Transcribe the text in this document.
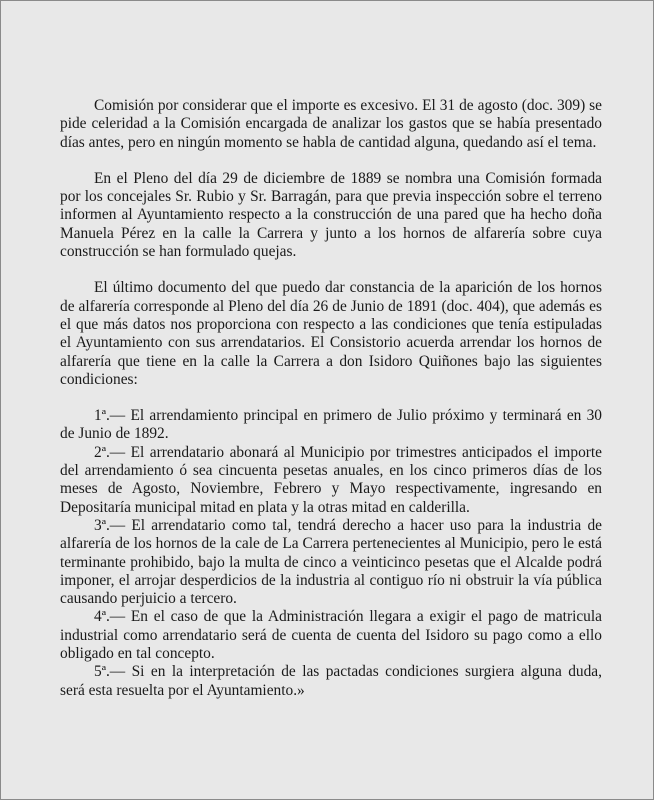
Comisión por considerar que el importe es excesivo. El 31 de agosto (doc. 309) se pide celeridad a la Comisión encargada de analizar los gastos que se había presentado días antes, pero en ningún momento se habla de cantidad alguna, quedando así el tema.

En el Pleno del día 29 de diciembre de 1889 se nombra una Comisión formada por los concejales Sr. Rubio y Sr. Barragán, para que previa inspección sobre el terreno informen al Ayuntamiento respecto a la construcción de una pared que ha hecho doña Manuela Pérez en la calle la Carrera y junto a los hornos de alfarería sobre cuya construcción se han formulado quejas.

El último documento del que puedo dar constancia de la aparición de los hornos de alfarería corresponde al Pleno del día 26 de Junio de 1891 (doc. 404), que además es el que más datos nos proporciona con respecto a las condiciones que tenía estipuladas el Ayuntamiento con sus arrendatarios. El Consistorio acuerda arrendar los hornos de alfarería que tiene en la calle la Carrera a don Isidoro Quiñones bajo las siguientes condiciones:

1ª.— El arrendamiento principal en primero de Julio próximo y terminará en 30 de Junio de 1892.

2ª.— El arrendatario abonará al Municipio por trimestres anticipados el importe del arrendamiento ó sea cincuenta pesetas anuales, en los cinco primeros días de los meses de Agosto, Noviembre, Febrero y Mayo respectivamente, ingresando en Depositaría municipal mitad en plata y la otras mitad en calderilla.

3ª.— El arrendatario como tal, tendrá derecho a hacer uso para la industria de alfarería de los hornos de la cale de La Carrera pertenecientes al Municipio, pero le está terminante prohibido, bajo la multa de cinco a veinticinco pesetas que el Alcalde podrá imponer, el arrojar desperdicios de la industria al contiguo río ni obstruir la vía pública causando perjuicio a tercero.

4ª.— En el caso de que la Administración llegara a exigir el pago de matricula industrial como arrendatario será de cuenta de cuenta del Isidoro su pago como a ello obligado en tal concepto.

5ª.— Si en la interpretación de las pactadas condiciones surgiera alguna duda, será esta resuelta por el Ayuntamiento.»
